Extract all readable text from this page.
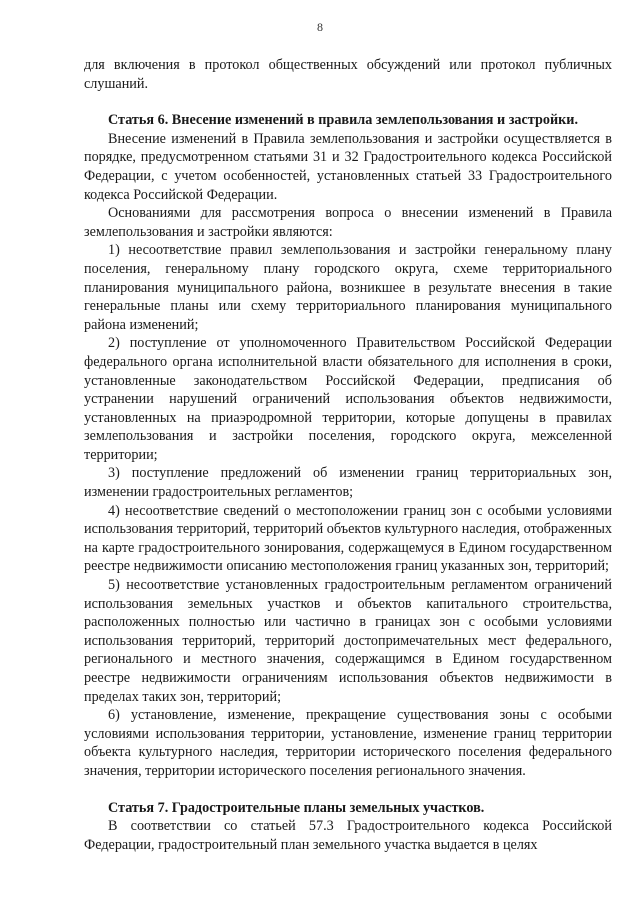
8

для включения в протокол общественных обсуждений или протокол публичных слушаний.

Статья 6. Внесение изменений в правила землепользования и застройки.

Внесение изменений в Правила землепользования и застройки осуществляется в порядке, предусмотренном статьями 31 и 32 Градостроительного кодекса Российской Федерации, с учетом особенностей, установленных статьей 33 Градостроительного кодекса Российской Федерации.

Основаниями для рассмотрения вопроса о внесении изменений в Правила землепользования и застройки являются:

1) несоответствие правил землепользования и застройки генеральному плану поселения, генеральному плану городского округа, схеме территориального планирования муниципального района, возникшее в результате внесения в такие генеральные планы или схему территориального планирования муниципального района изменений;

2) поступление от уполномоченного Правительством Российской Федерации федерального органа исполнительной власти обязательного для исполнения в сроки, установленные законодательством Российской Федерации, предписания об устранении нарушений ограничений использования объектов недвижимости, установленных на приаэродромной территории, которые допущены в правилах землепользования и застройки поселения, городского округа, межселенной территории;

3) поступление предложений об изменении границ территориальных зон, изменении градостроительных регламентов;

4) несоответствие сведений о местоположении границ зон с особыми условиями использования территорий, территорий объектов культурного наследия, отображенных на карте градостроительного зонирования, содержащемуся в Едином государственном реестре недвижимости описанию местоположения границ указанных зон, территорий;

5) несоответствие установленных градостроительным регламентом ограничений использования земельных участков и объектов капитального строительства, расположенных полностью или частично в границах зон с особыми условиями использования территорий, территорий достопримечательных мест федерального, регионального и местного значения, содержащимся в Едином государственном реестре недвижимости ограничениям использования объектов недвижимости в пределах таких зон, территорий;

6) установление, изменение, прекращение существования зоны с особыми условиями использования территории, установление, изменение границ территории объекта культурного наследия, территории исторического поселения федерального значения, территории исторического поселения регионального значения.

Статья 7. Градостроительные планы земельных участков.

В соответствии со статьей 57.3 Градостроительного кодекса Российской Федерации, градостроительный план земельного участка выдается в целях
